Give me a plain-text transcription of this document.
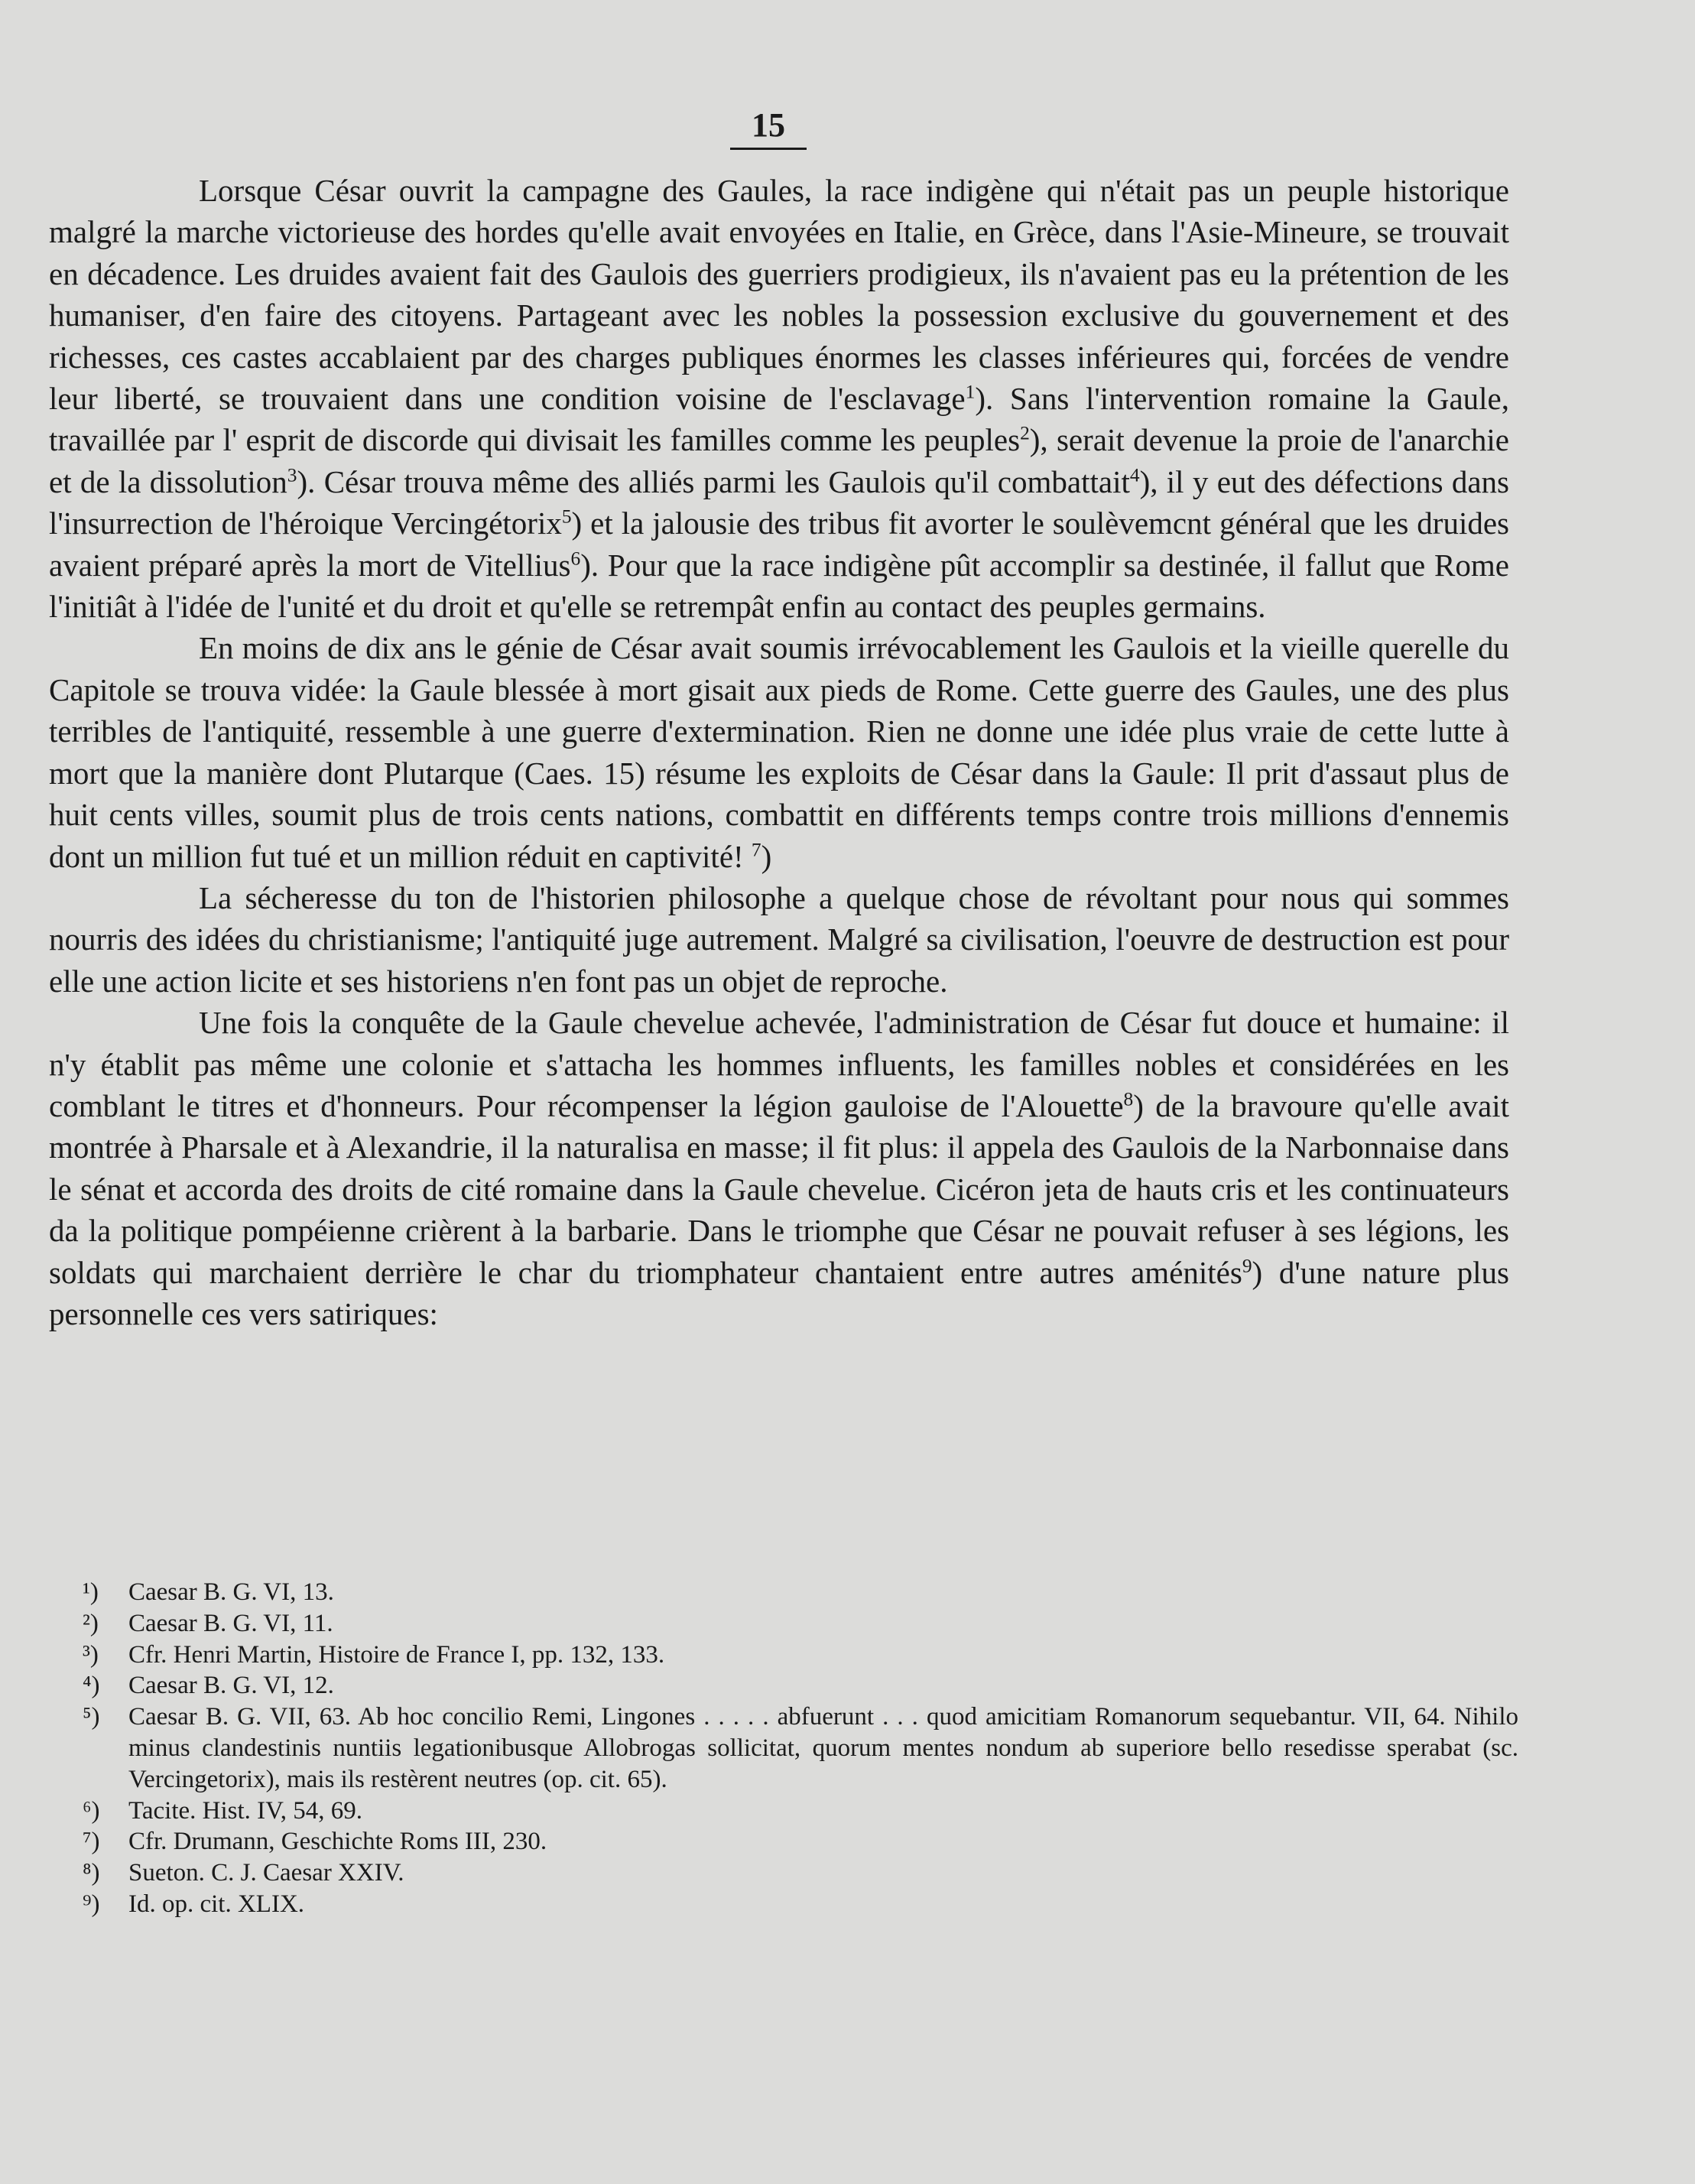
15

Lorsque César ouvrit la campagne des Gaules, la race indigène qui n'était pas un peuple historique malgré la marche victorieuse des hordes qu'elle avait envoyées en Italie, en Grèce, dans l'Asie-Mineure, se trouvait en décadence. Les druides avaient fait des Gaulois des guerriers prodigieux, ils n'avaient pas eu la prétention de les humaniser, d'en faire des citoyens. Partageant avec les nobles la possession exclusive du gouvernement et des richesses, ces castes accablaient par des charges publiques énormes les classes inférieures qui, forcées de vendre leur liberté, se trouvaient dans une condition voisine de l'esclavage$^1$). Sans l'intervention romaine la Gaule, travaillée par l' esprit de discorde qui divisait les familles comme les peuples$^2$), serait devenue la proie de l'anarchie et de la dissolution$^3$). César trouva même des alliés parmi les Gaulois qu'il combattait$^4$), il y eut des défections dans l'insurrection de l'héroique Vercingétorix$^5$) et la jalousie des tribus fit avorter le soulèvemcnt général que les druides avaient préparé après la mort de Vitellius$^6$). Pour que la race indigène pût accomplir sa destinée, il fallut que Rome l'initiât à l'idée de l'unité et du droit et qu'elle se retrempât enfin au contact des peuples germains.

En moins de dix ans le génie de César avait soumis irrévocablement les Gaulois et la vieille querelle du Capitole se trouva vidée: la Gaule blessée à mort gisait aux pieds de Rome. Cette guerre des Gaules, une des plus terribles de l'antiquité, ressemble à une guerre d'extermination. Rien ne donne une idée plus vraie de cette lutte à mort que la manière dont Plutarque (Caes. 15) résume les exploits de César dans la Gaule: Il prit d'assaut plus de huit cents villes, soumit plus de trois cents nations, combattit en différents temps contre trois millions d'ennemis dont un million fut tué et un million réduit en captivité! $^7$)

La sécheresse du ton de l'historien philosophe a quelque chose de révoltant pour nous qui sommes nourris des idées du christianisme; l'antiquité juge autrement. Malgré sa civilisation, l'oeuvre de destruction est pour elle une action licite et ses historiens n'en font pas un objet de reproche.

Une fois la conquête de la Gaule chevelue achevée, l'administration de César fut douce et humaine: il n'y établit pas même une colonie et s'attacha les hommes influents, les familles nobles et considérées en les comblant le titres et d'honneurs. Pour récompenser la légion gauloise de l'Alouette$^8$) de la bravoure qu'elle avait montrée à Pharsale et à Alexandrie, il la naturalisa en masse; il fit plus: il appela des Gaulois de la Narbonnaise dans le sénat et accorda des droits de cité romaine dans la Gaule chevelue. Cicéron jeta de hauts cris et les continuateurs da la politique pompéienne crièrent à la barbarie. Dans le triomphe que César ne pouvait refuser à ses légions, les soldats qui marchaient derrière le char du triomphateur chantaient entre autres aménités$^9$) d'une nature plus personnelle ces vers satiriques:

¹)	Caesar B. G. VI, 13.
²)	Caesar B. G. VI, 11.
³)	Cfr. Henri Martin, Histoire de France I, pp. 132, 133.
⁴)	Caesar B. G. VI, 12.
⁵)	Caesar B. G. VII, 63. Ab hoc concilio Remi, Lingones . . . . . abfuerunt . . . quod amicitiam Romanorum sequebantur. VII, 64. Nihilo minus clandestinis nuntiis legationibusque Allobrogas sollicitat, quorum mentes nondum ab superiore bello resedisse sperabat (sc. Vercingetorix), mais ils restèrent neutres (op. cit. 65).
⁶)	Tacite. Hist. IV, 54, 69.
⁷)	Cfr. Drumann, Geschichte Roms III, 230.
⁸)	Sueton. C. J. Caesar XXIV.
⁹)	Id. op. cit. XLIX.
